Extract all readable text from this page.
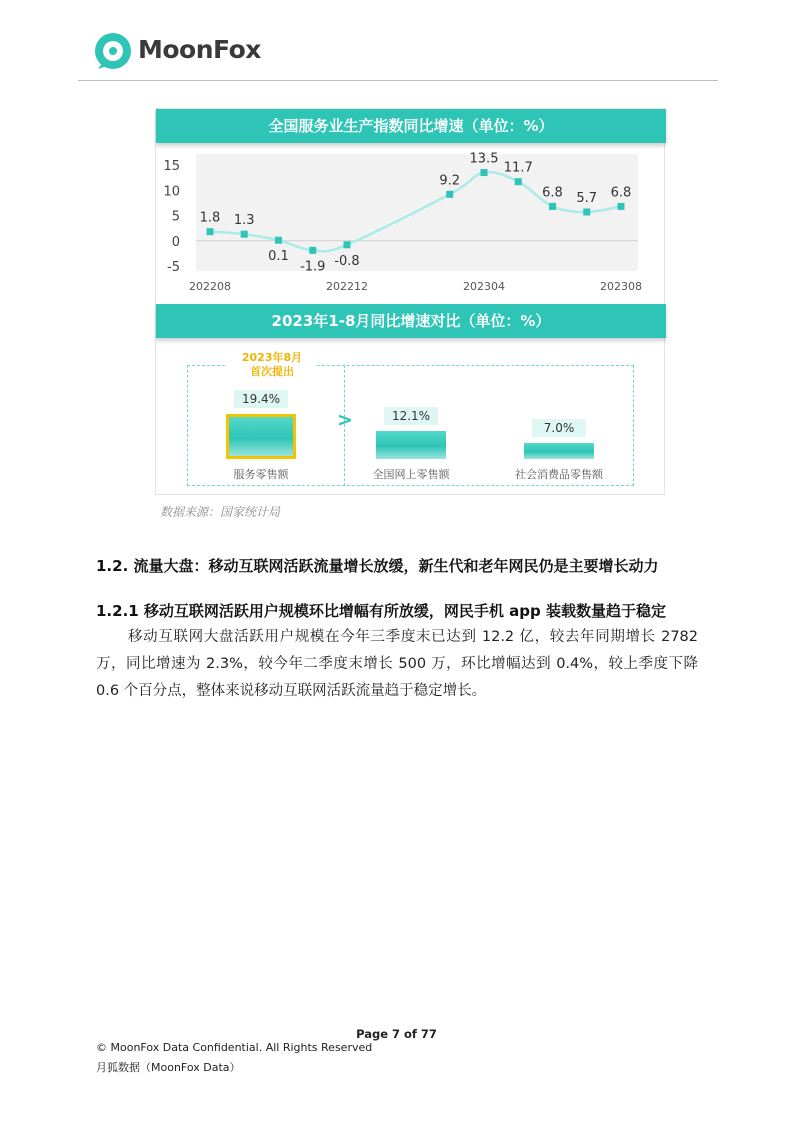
MoonFox
全国服务业生产指数同比增速（单位：%）
15
10
5
0
-5
202208	202212	202304	202308
1.8 1.3
0.1
-1.9 -0.8
9.2
13.5
11.7
6.8 5.7 6.8
2023年1-8月同比增速对比（单位：%）
2023年8月
首次提出
>
19.4%
服务零售额
12.1%
全国网上零售额
7.0%
社会消费品零售额
数据来源：国家统计局
1.2. 流量大盘：移动互联网活跃流量增长放缓，新生代和老年网民仍是主要增长动力
1.2.1 移动互联网活跃用户规模环比增幅有所放缓，网民手机 app 装载数量趋于稳定
移动互联网大盘活跃用户规模在今年三季度末已达到 12.2 亿，较去年同期增长 2782 万，同比增速为 2.3%，较今年二季度末增长 500 万，环比增幅达到 0.4%，较上季度下降 0.6 个百分点，整体来说移动互联网活跃流量趋于稳定增长。
Page 7 of 77
© MoonFox Data Confidential. All Rights Reserved
月狐数据（MoonFox Data）
